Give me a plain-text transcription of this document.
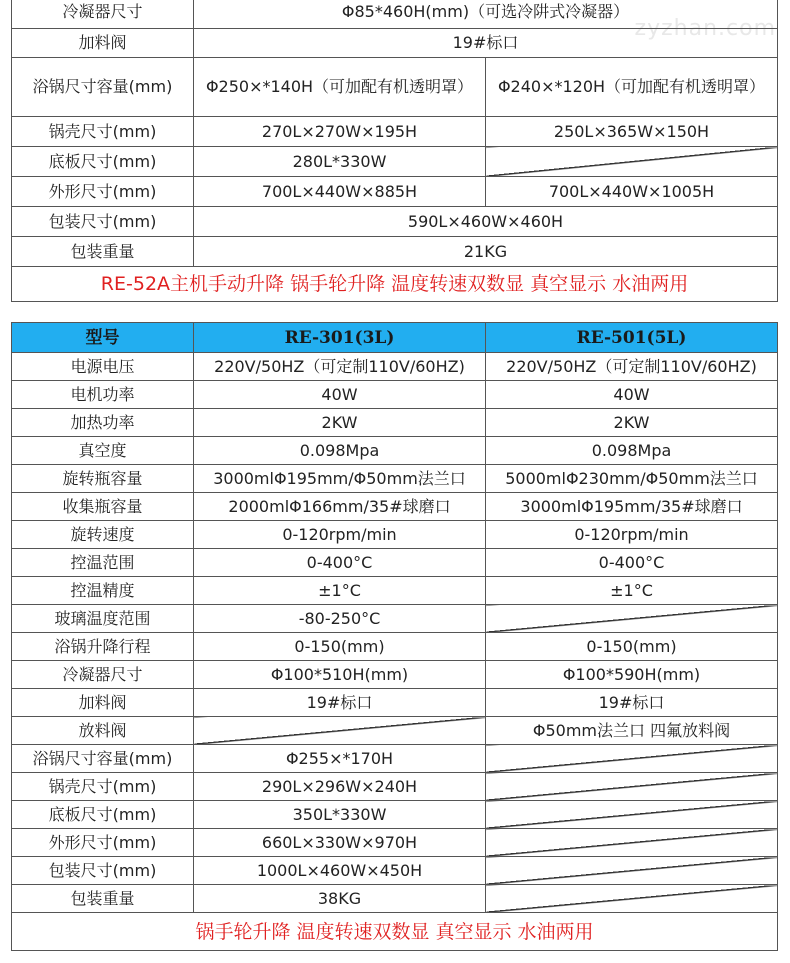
zyzhan.com
冷凝器尺寸	Φ85*460H(mm)（可选冷阱式冷凝器）	
加料阀	19#标口	
浴锅尺寸容量(mm)	Φ250×*140H（可加配有机透明罩）	Φ240×*120H（可加配有机透明罩）
锅壳尺寸(mm)	270L×270W×195H	250L×365W×150H
底板尺寸(mm)	280L*330W	
外形尺寸(mm)	700L×440W×885H	700L×440W×1005H
包装尺寸(mm)	590L×460W×460H	
包装重量	21KG	
RE-52A主机手动升降 锅手轮升降 温度转速双数显 真空显示 水油两用		
型号	RE-301(3L)	RE-501(5L)
电源电压	220V/50HZ（可定制110V/60HZ)	220V/50HZ（可定制110V/60HZ)
电机功率	40W	40W
加热功率	2KW	2KW
真空度	0.098Mpa	0.098Mpa
旋转瓶容量	3000mlΦ195mm/Φ50mm法兰口	5000mlΦ230mm/Φ50mm法兰口
收集瓶容量	2000mlΦ166mm/35#球磨口	3000mlΦ195mm/35#球磨口
旋转速度	0-120rpm/min	0-120rpm/min
控温范围	0-400°C	0-400°C
控温精度	±1°C	±1°C
玻璃温度范围	-80-250°C	
浴锅升降行程	0-150(mm)	0-150(mm)
冷凝器尺寸	Φ100*510H(mm)	Φ100*590H(mm)
加料阀	19#标口	19#标口
放料阀		Φ50mm法兰口 四氟放料阀
浴锅尺寸容量(mm)	Φ255×*170H	
锅壳尺寸(mm)	290L×296W×240H	
底板尺寸(mm)	350L*330W	
外形尺寸(mm)	660L×330W×970H	
包装尺寸(mm)	1000L×460W×450H	
包装重量	38KG	
锅手轮升降 温度转速双数显 真空显示 水油两用		
